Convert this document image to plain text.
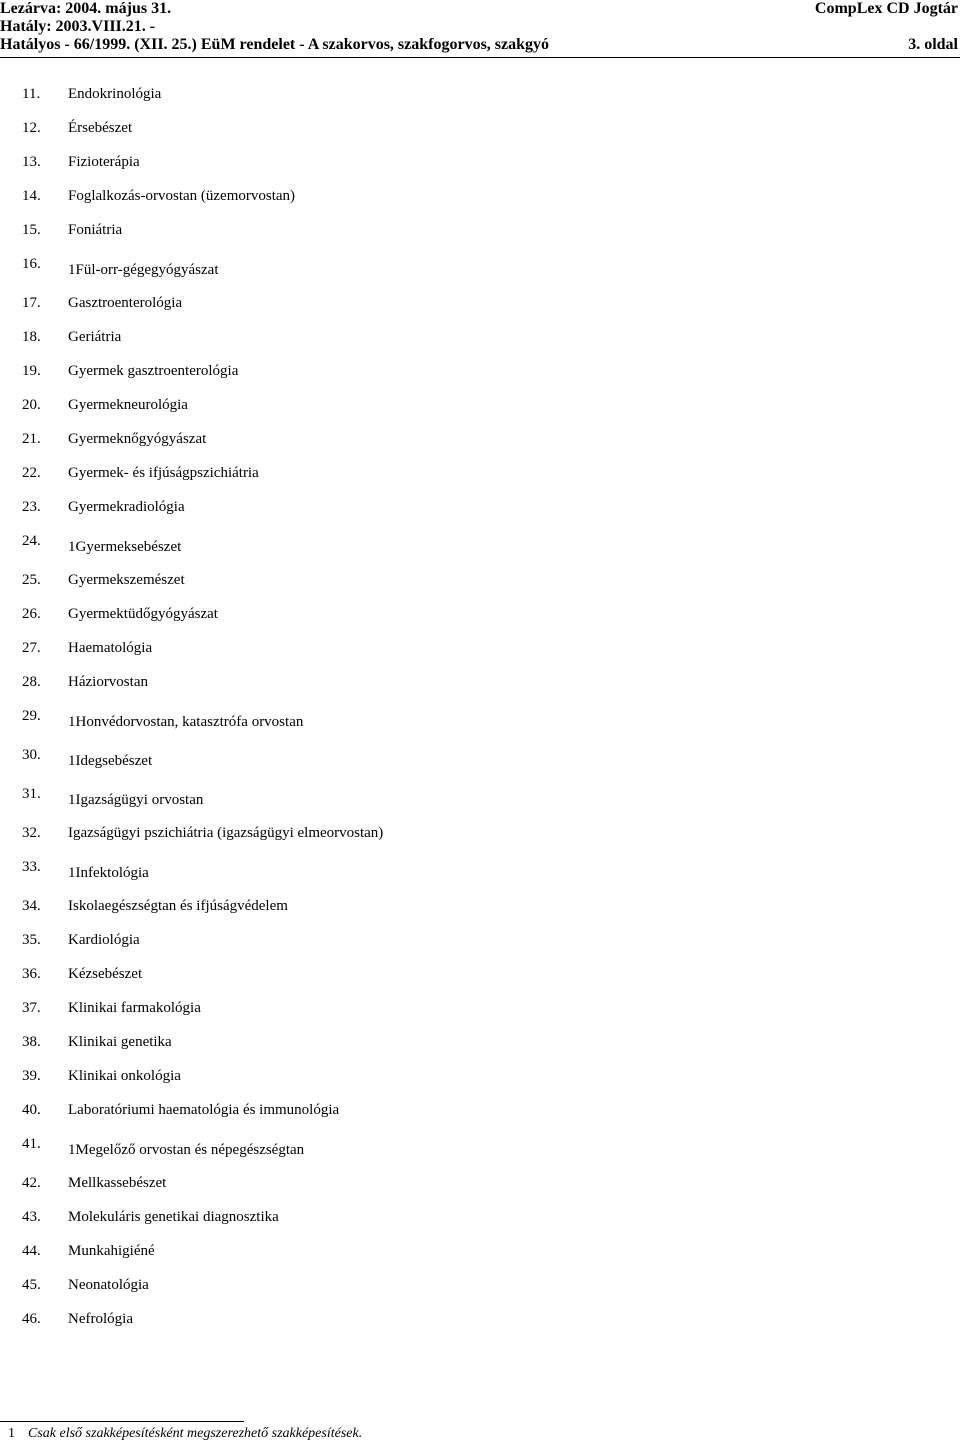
Lezárva: 2004. május 31.
Hatály: 2003.VIII.21. -
Hatályos - 66/1999. (XII. 25.) EüM rendelet - A szakorvos, szakfogorvos, szakgyó
CompLex CD Jogtár
3. oldal
11. Endokrinológia
12. Érsebészet
13. Fizioterápia
14. Foglalkozás-orvostan (üzemorvostan)
15. Foniátria
16. 1Fül-orr-gégegyógyászat
17. Gasztroenterológia
18. Geriátria
19. Gyermek gasztroenterológia
20. Gyermekneurológia
21. Gyermeknőgyógyászat
22. Gyermek- és ifjúságpszichiátria
23. Gyermekradiológia
24. 1Gyermeksebészet
25. Gyermekszemészet
26. Gyermektüdőgyógyászat
27. Haematológia
28. Háziorvostan
29. 1Honvédorvostan, katasztrófa orvostan
30. 1Idegsebészet
31. 1Igazságügyi orvostan
32. Igazságügyi pszichiátria (igazságügyi elmeorvostan)
33. 1Infektológia
34. Iskolaegészségtan és ifjúságvédelem
35. Kardiológia
36. Kézsebészet
37. Klinikai farmakológia
38. Klinikai genetika
39. Klinikai onkológia
40. Laboratóriumi haematológia és immunológia
41. 1Megelőző orvostan és népegészségtan
42. Mellkassebészet
43. Molekuláris genetikai diagnosztika
44. Munkahigiéné
45. Neonatológia
46. Nefrológia
1 Csak első szakképesítésként megszerezhető szakképesítések.
